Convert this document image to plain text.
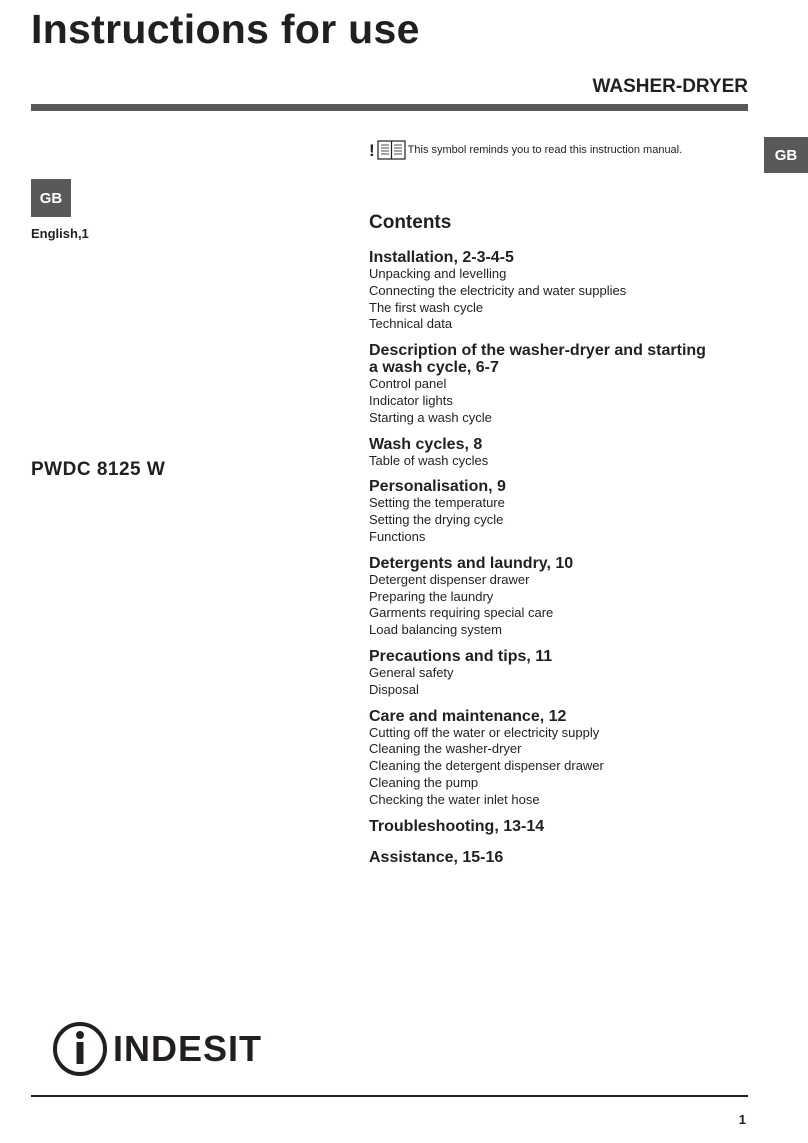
Instructions for use
WASHER-DRYER
GB
!	This symbol reminds you to read this instruction manual.
GB
English,1
PWDC 8125 W
Contents
Installation, 2-3-4-5
Unpacking and levelling
Connecting the electricity and water supplies
The first wash cycle
Technical data
Description of the washer-dryer and starting
a wash cycle, 6-7
Control panel
Indicator lights
Starting a wash cycle
Wash cycles, 8
Table of wash cycles
Personalisation, 9
Setting the temperature
Setting the drying cycle
Functions
Detergents and laundry, 10
Detergent dispenser drawer
Preparing the laundry
Garments requiring special care
Load balancing system
Precautions and tips, 11
General safety
Disposal
Care and maintenance, 12
Cutting off the water or electricity supply
Cleaning the washer-dryer
Cleaning the detergent dispenser drawer
Cleaning the pump
Checking the water inlet hose
Troubleshooting, 13-14
Assistance, 15-16
INDESIT
1
